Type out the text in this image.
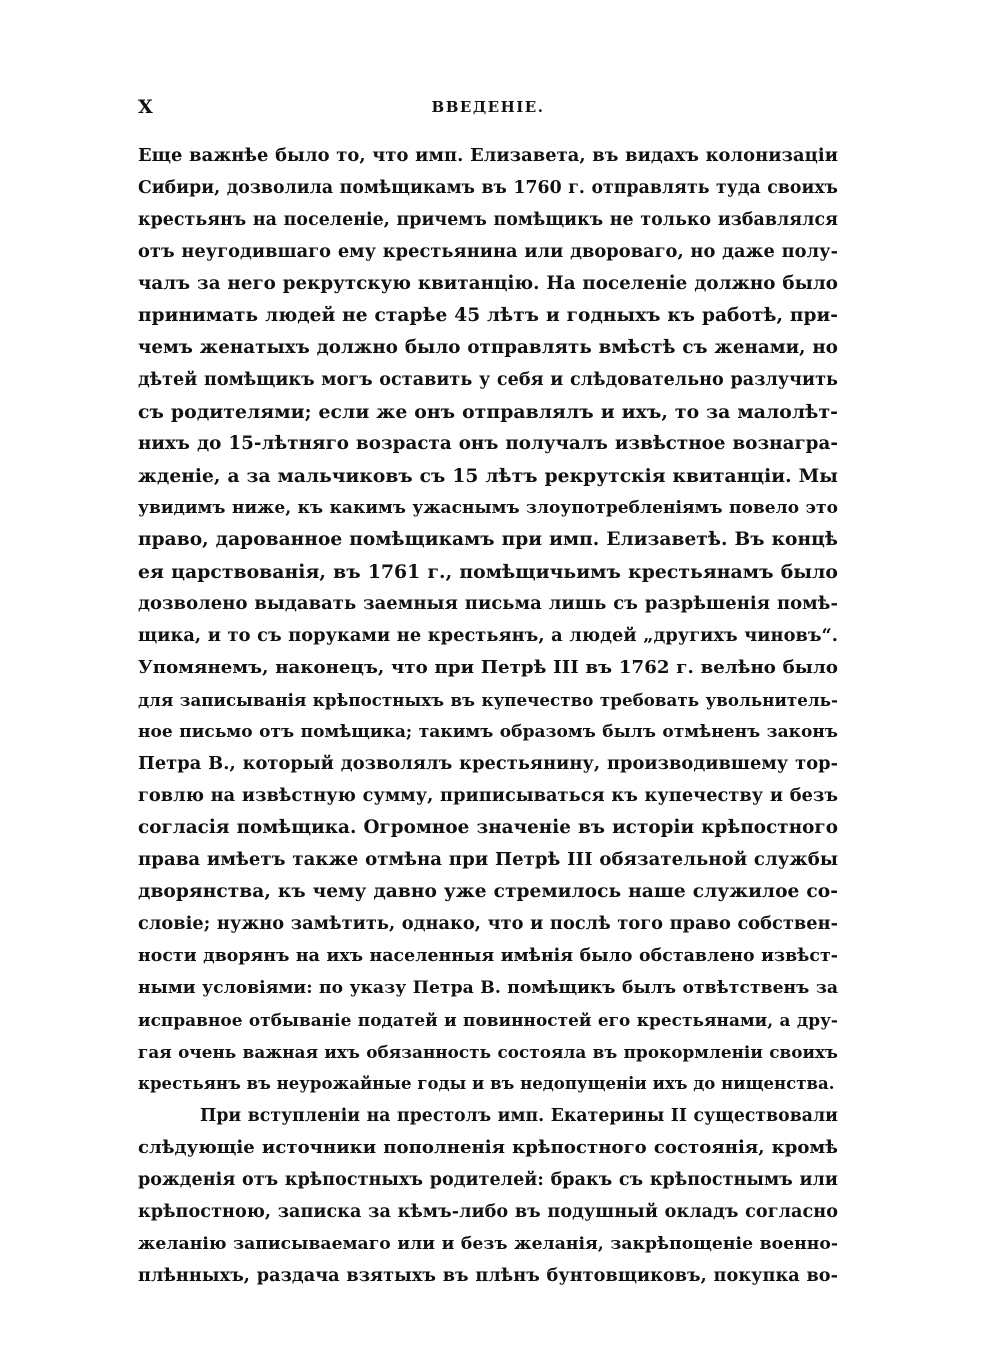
X	ВВЕДЕНІЕ.
Еще важнѣе было то, что имп. Елизавета, въ видахъ колонизаціи
Сибири, дозволила помѣщикамъ въ 1760 г. отправлять туда своихъ
крестьянъ на поселеніе, причемъ помѣщикъ не только избавлялся
отъ неугодившаго ему крестьянина или двороваго, но даже полу-
чалъ за него рекрутскую квитанцію. На поселеніе должно было
принимать людей не старѣе 45 лѣтъ и годныхъ къ работѣ, при-
чемъ женатыхъ должно было отправлять вмѣстѣ съ женами, но
дѣтей помѣщикъ могъ оставить у себя и слѣдовательно разлучить
съ родителями; если же онъ отправлялъ и ихъ, то за малолѣт-
нихъ до 15-лѣтняго возраста онъ получалъ извѣстное вознагра-
жденіе, а за мальчиковъ съ 15 лѣтъ рекрутскія квитанціи. Мы
увидимъ ниже, къ какимъ ужаснымъ злоупотребленіямъ повело это
право, дарованное помѣщикамъ при имп. Елизаветѣ. Въ концѣ
ея царствованія, въ 1761 г., помѣщичьимъ крестьянамъ было
дозволено выдавать заемныя письма лишь съ разрѣшенія помѣ-
щика, и то съ поруками не крестьянъ, а людей „другихъ чиновъ“.
Упомянемъ, наконецъ, что при Петрѣ III въ 1762 г. велѣно было
для записыванія крѣпостныхъ въ купечество требовать увольнитель-
ное письмо отъ помѣщика; такимъ образомъ былъ отмѣненъ законъ
Петра В., который дозволялъ крестьянину, производившему тор-
говлю на извѣстную сумму, приписываться къ купечеству и безъ
согласія помѣщика. Огромное значеніе въ исторіи крѣпостного
права имѣетъ также отмѣна при Петрѣ III обязательной службы
дворянства, къ чему давно уже стремилось наше служилое со-
словіе; нужно замѣтить, однако, что и послѣ того право собствен-
ности дворянъ на ихъ населенныя имѣнія было обставлено извѣст-
ными условіями: по указу Петра В. помѣщикъ былъ отвѣтственъ за
исправное отбываніе податей и повинностей его крестьянами, а дру-
гая очень важная ихъ обязанность состояла въ прокормленіи своихъ
крестьянъ въ неурожайные годы и въ недопущеніи ихъ до нищенства.
При вступленіи на престолъ имп. Екатерины II существовали
слѣдующіе источники пополненія крѣпостного состоянія, кромѣ
рожденія отъ крѣпостныхъ родителей: бракъ съ крѣпостнымъ или
крѣпостною, записка за кѣмъ-либо въ подушный окладъ согласно
желанію записываемаго или и безъ желанія, закрѣпощеніе военно-
плѣнныхъ, раздача взятыхъ въ плѣнъ бунтовщиковъ, покупка во-
